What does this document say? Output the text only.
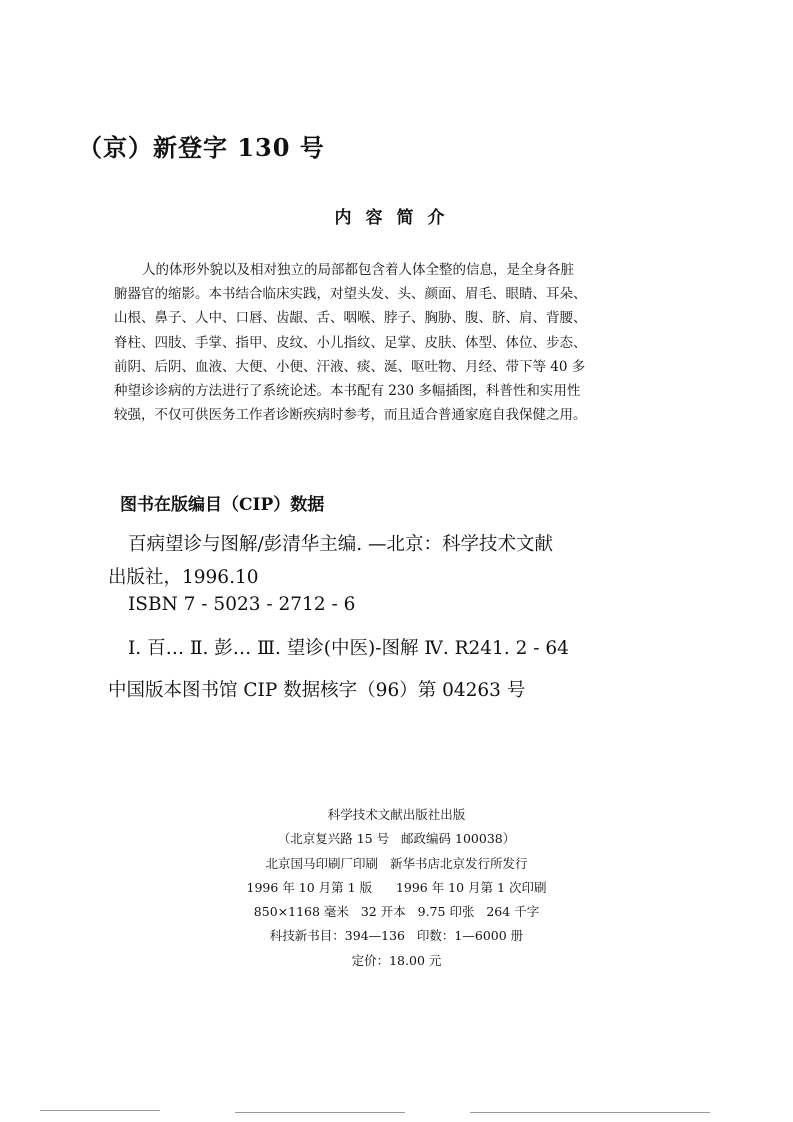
（京）新登字 130 号
内容简介
人的体形外貌以及相对独立的局部都包含着人体全整的信息，是全身各脏
腑器官的缩影。本书结合临床实践，对望头发、头、颜面、眉毛、眼睛、耳朵、
山根、鼻子、人中、口唇、齿龈、舌、咽喉、脖子、胸胁、腹、脐、肩、背腰、
脊柱、四肢、手掌、指甲、皮纹、小儿指纹、足掌、皮肤、体型、体位、步态、
前阴、后阴、血液、大便、小便、汗液、痰、涎、呕吐物、月经、带下等 40 多
种望诊诊病的方法进行了系统论述。本书配有 230 多幅插图，科普性和实用性
较强，不仅可供医务工作者诊断疾病时参考，而且适合普通家庭自我保健之用。
图书在版编目（CIP）数据
百病望诊与图解/彭清华主编. —北京：科学技术文献
出版社，1996.10
ISBN 7 - 5023 - 2712 - 6
Ⅰ. 百… Ⅱ. 彭… Ⅲ. 望诊(中医)-图解 Ⅳ. R241. 2 - 64
中国版本图书馆 CIP 数据核字（96）第 04263 号
科学技术文献出版社出版
（北京复兴路 15 号   邮政编码 100038）
北京国马印刷厂印刷   新华书店北京发行所发行
1996 年 10 月第 1 版      1996 年 10 月第 1 次印刷
850×1168 毫米   32 开本   9.75 印张   264 千字
科技新书目：394—136   印数：1—6000 册
定价：18.00 元
